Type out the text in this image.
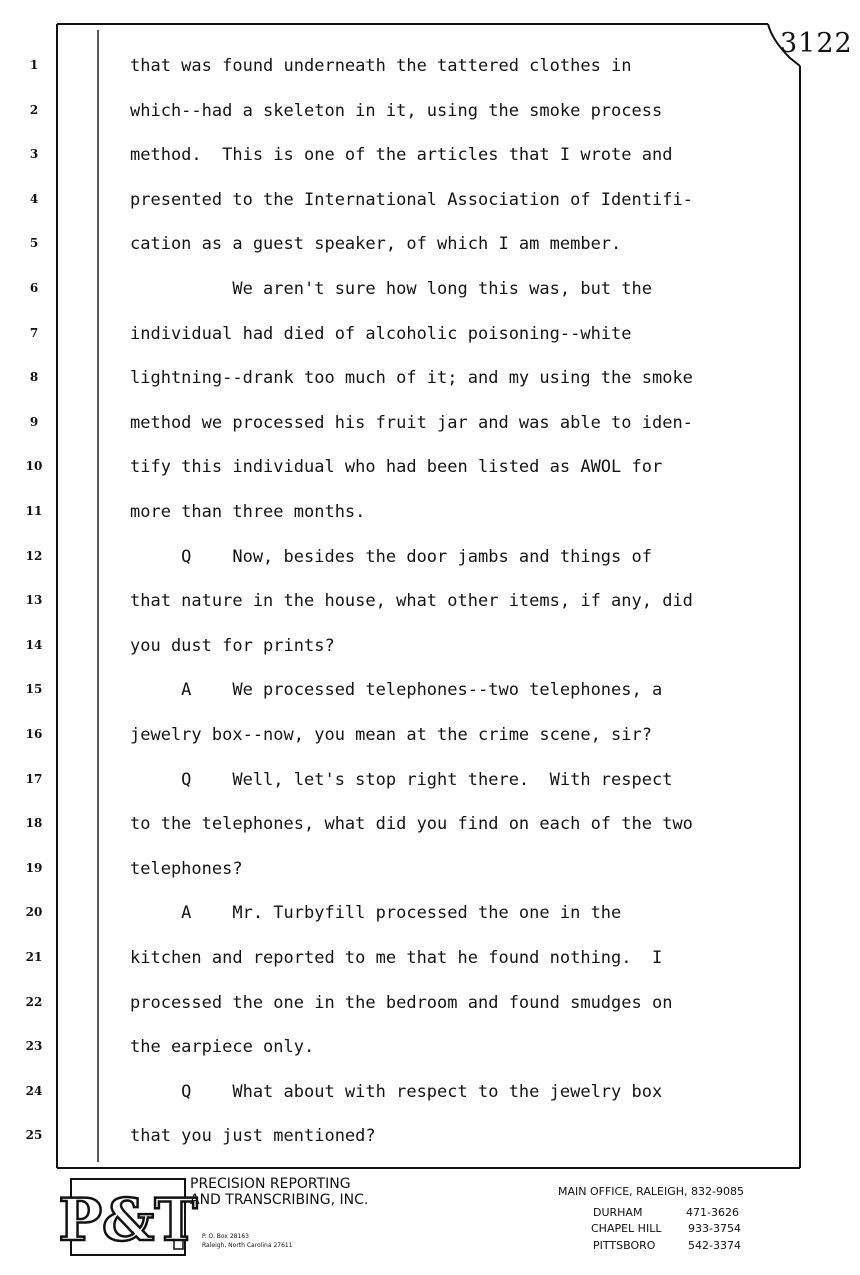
3122
1	that was found underneath the tattered clothes in
2	which--had a skeleton in it, using the smoke process
3	method.  This is one of the articles that I wrote and
4	presented to the International Association of Identifi-
5	cation as a guest speaker, of which I am member.
6	We aren't sure how long this was, but the
7	individual had died of alcoholic poisoning--white
8	lightning--drank too much of it; and my using the smoke
9	method we processed his fruit jar and was able to iden-
10	tify this individual who had been listed as AWOL for
11	more than three months.
12	Q    Now, besides the door jambs and things of
13	that nature in the house, what other items, if any, did
14	you dust for prints?
15	A    We processed telephones--two telephones, a
16	jewelry box--now, you mean at the crime scene, sir?
17	Q    Well, let's stop right there.  With respect
18	to the telephones, what did you find on each of the two
19	telephones?
20	A    Mr. Turbyfill processed the one in the
21	kitchen and reported to me that he found nothing.  I
22	processed the one in the bedroom and found smudges on
23	the earpiece only.
24	Q    What about with respect to the jewelry box
25	that you just mentioned?
P&T
PRECISION REPORTING
AND TRANSCRIBING, INC.
P. O. Box 28163
Raleigh, North Carolina 27611
MAIN OFFICE, RALEIGH, 832-9085
DURHAM	471-3626
CHAPEL HILL 933-3754
PITTSBORO	542-3374
